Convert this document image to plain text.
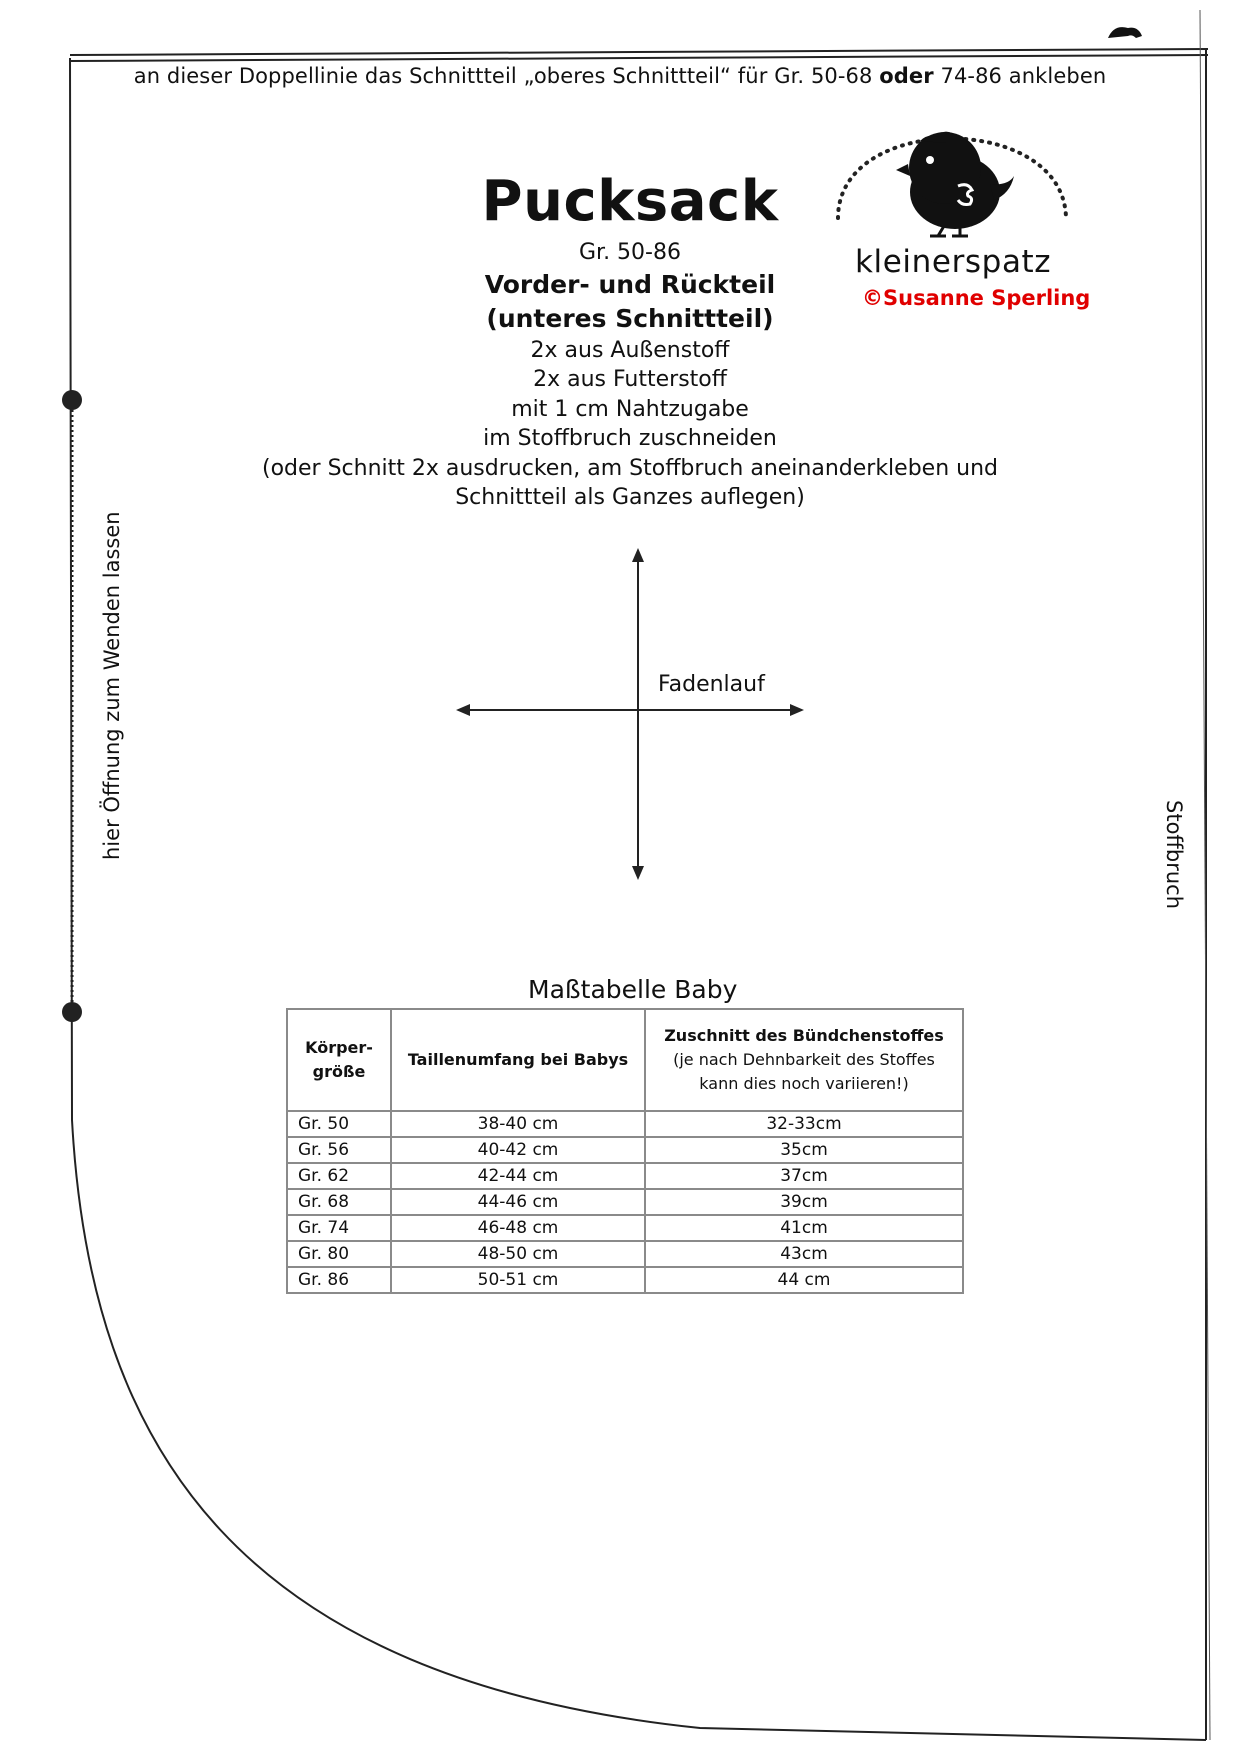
an dieser Doppellinie das Schnittteil „oberes Schnittteil“ für Gr. 50-68 oder 74-86 ankleben
Pucksack
Gr. 50-86
Vorder- und Rückteil
(unteres Schnittteil)
2x aus Außenstoff
2x aus Futterstoff
mit 1 cm Nahtzugabe
im Stoffbruch zuschneiden
(oder Schnitt 2x ausdrucken, am Stoffbruch aneinanderkleben und
Schnittteil als Ganzes auflegen)
kleinerspatz
©Susanne Sperling
hier Öffnung zum Wenden lassen	Stoffbruch
Fadenlauf
Maßtabelle Baby
Körper-
größe	Taillenumfang bei Babys	Zuschnitt des Bündchenstoffes
(je nach Dehnbarkeit des Stoffes kann dies noch variieren!)

Gr. 50	38-40 cm	32-33cm
Gr. 56	40-42 cm	35cm
Gr. 62	42-44 cm	37cm
Gr. 68	44-46 cm	39cm
Gr. 74	46-48 cm	41cm
Gr. 80	48-50 cm	43cm
Gr. 86	50-51 cm	44 cm
